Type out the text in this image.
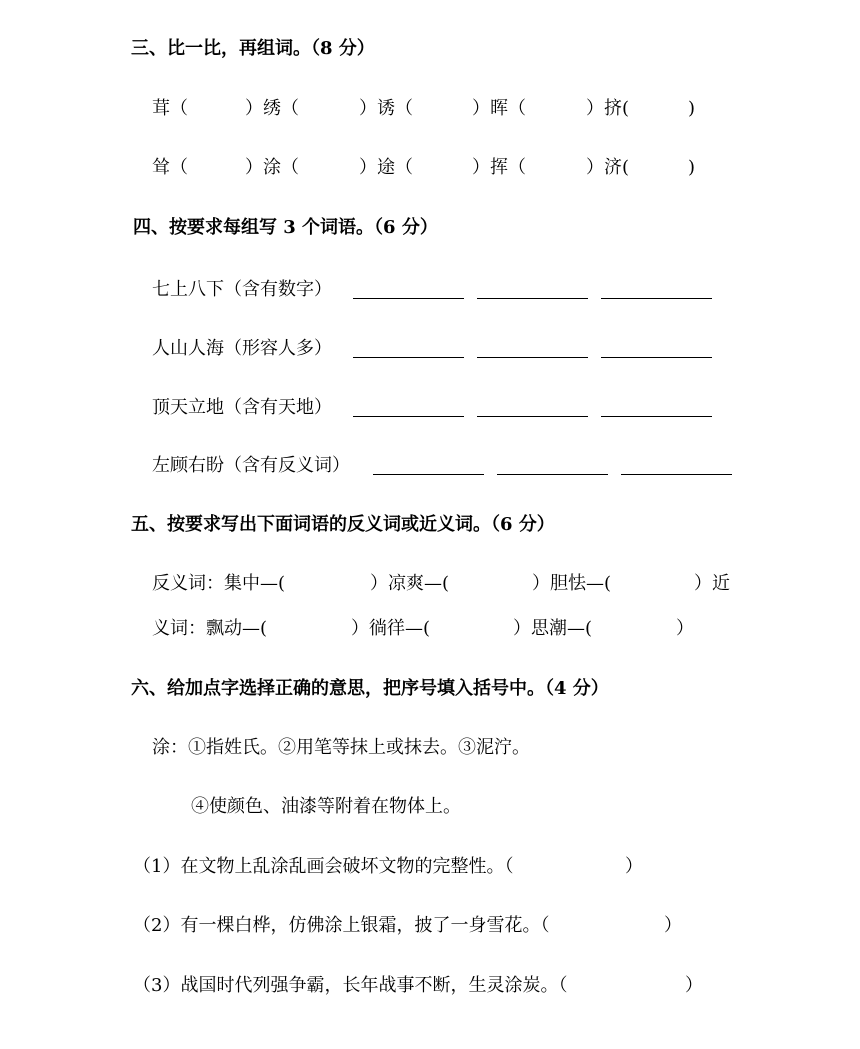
三、比一比，再组词。（8 分）
茸（	）绣（	）诱（	）晖（	）挤(	)
耸（	）涂（	）途（	）挥（	）济(	)
四、按要求每组写 3 个词语。（6 分）
七上八下（含有数字）
人山人海（形容人多）
顶天立地（含有天地）
左顾右盼（含有反义词）
五、按要求写出下面词语的反义词或近义词。（6 分）
反义词：集中—(	）凉爽—(	）胆怯—(	）近
义词：飘动—(	）徜徉—(	）思潮—(	）
六、给加点字选择正确的意思，把序号填入括号中。（4 分）
涂：①指姓氏。②用笔等抹上或抹去。③泥泞。
④使颜色、油漆等附着在物体上。
（1）在文物上乱涂乱画会破坏文物的完整性。（	）
（2）有一棵白桦，仿佛涂上银霜，披了一身雪花。（	）
（3）战国时代列强争霸，长年战事不断，生灵涂炭。（	）
